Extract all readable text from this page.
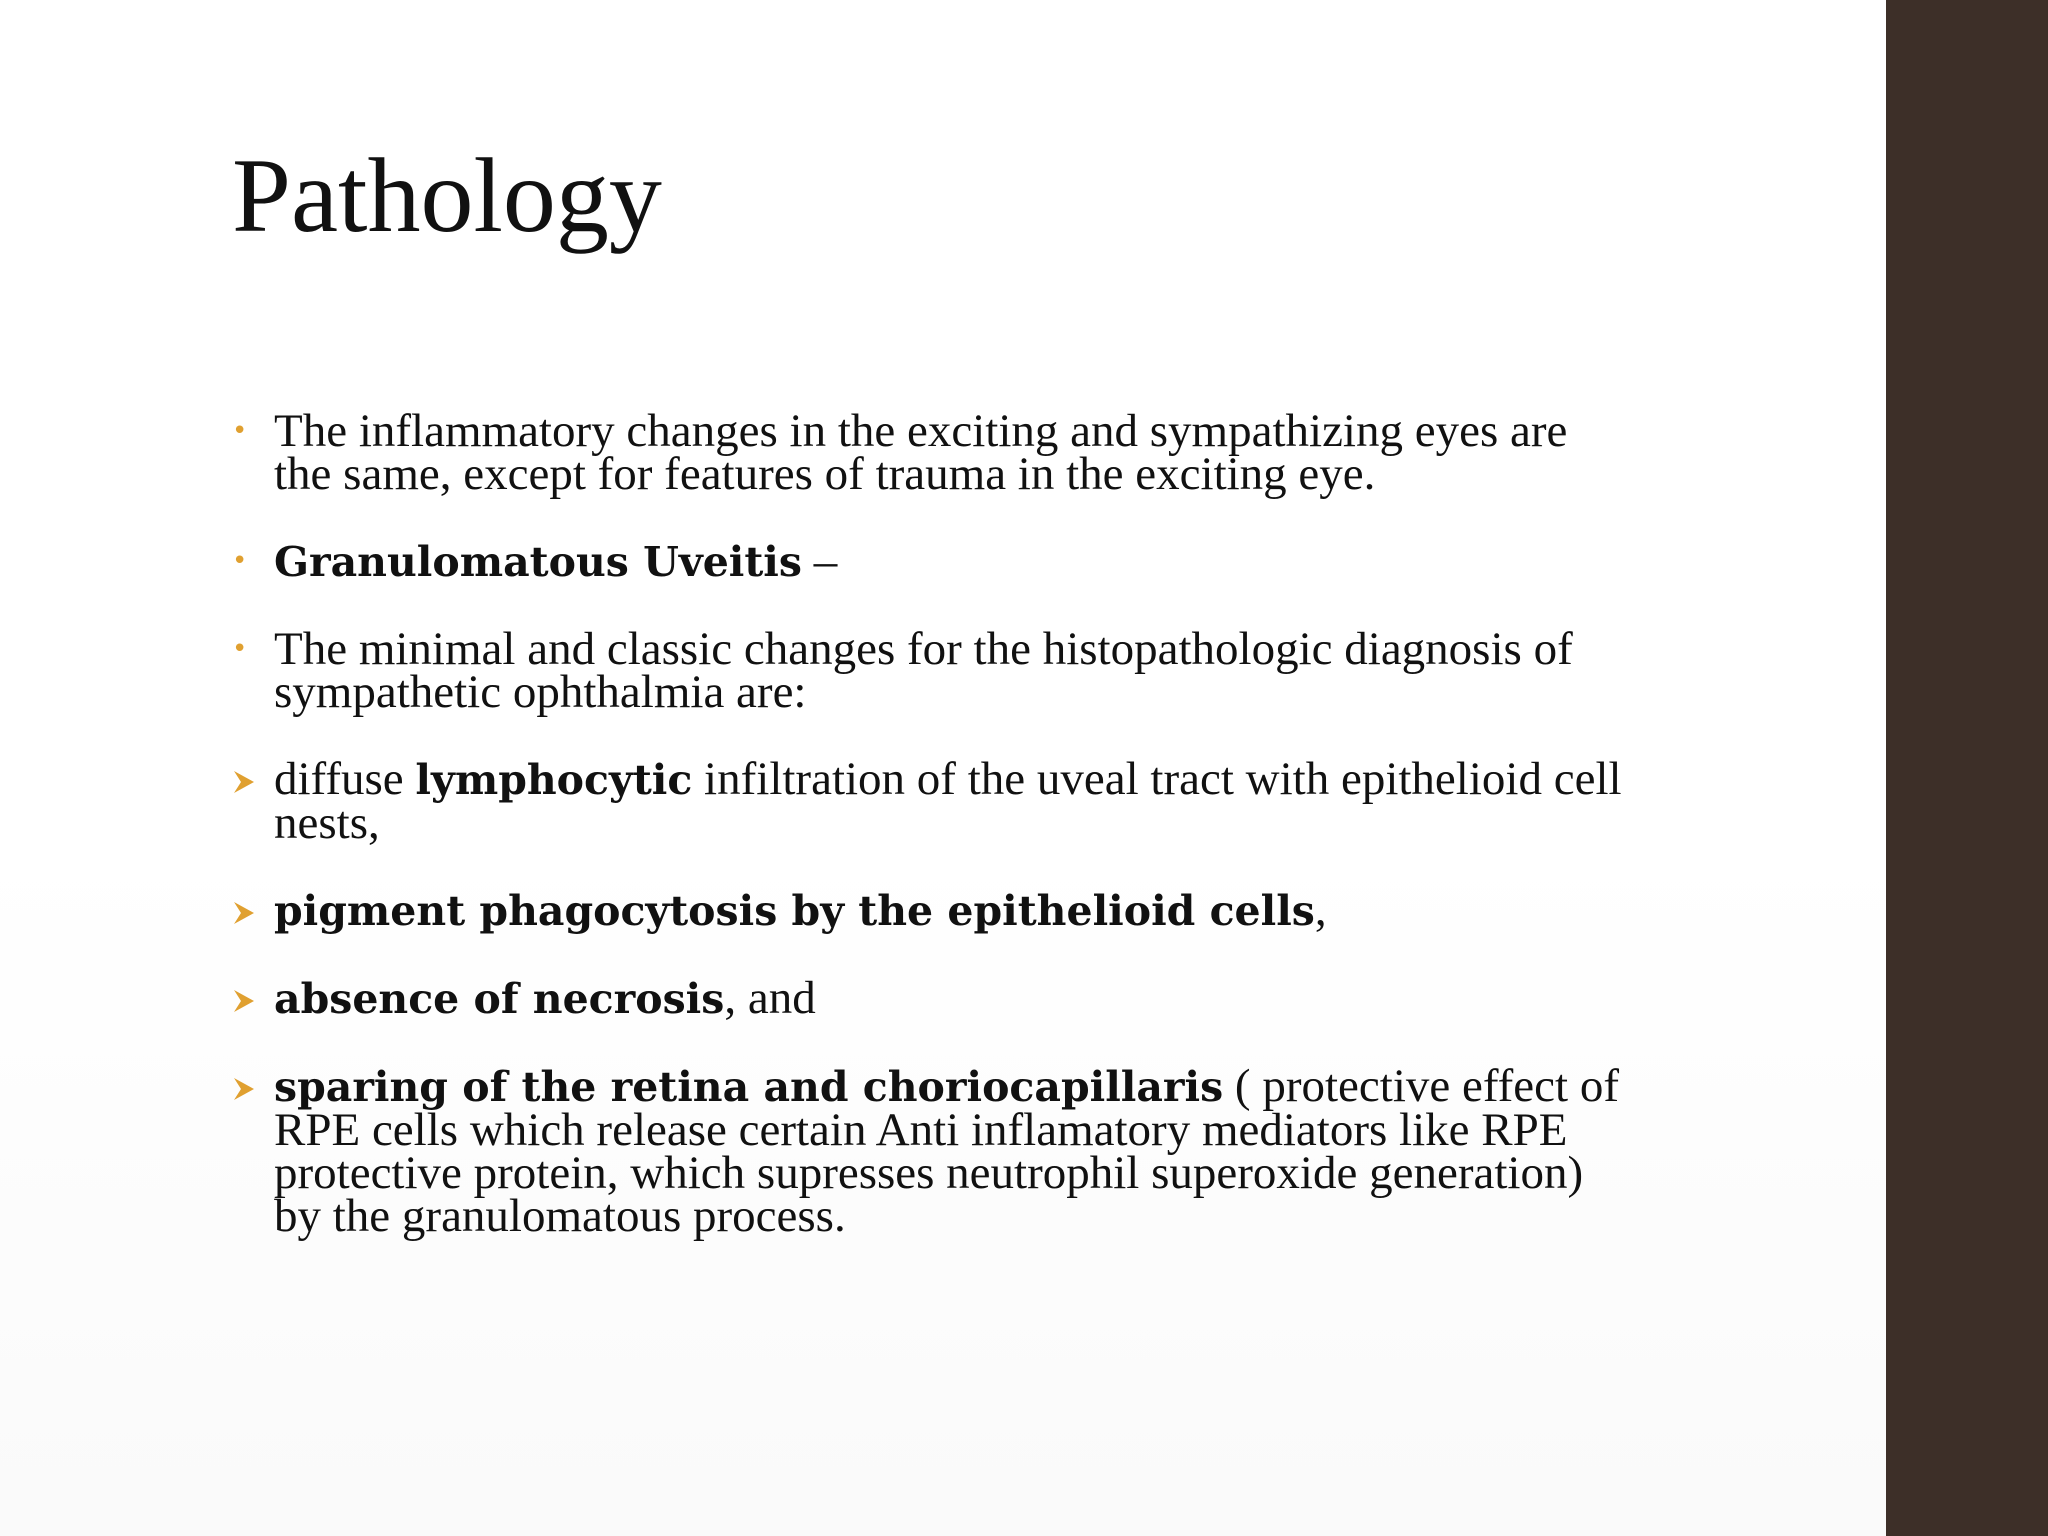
Pathology
• The inflammatory changes in the exciting and sympathizing eyes are the same, except for features of trauma in the exciting eye.
• Granulomatous Uveitis –
• The minimal and classic changes for the histopathologic diagnosis of sympathetic ophthalmia are:
diffuse lymphocytic infiltration of the uveal tract with epithelioid cell nests,
pigment phagocytosis by the epithelioid cells,
absence of necrosis, and
sparing of the retina and choriocapillaris ( protective effect of RPE cells which release certain Anti inflamatory mediators like RPE protective protein, which supresses neutrophil superoxide generation) by the granulomatous process.
